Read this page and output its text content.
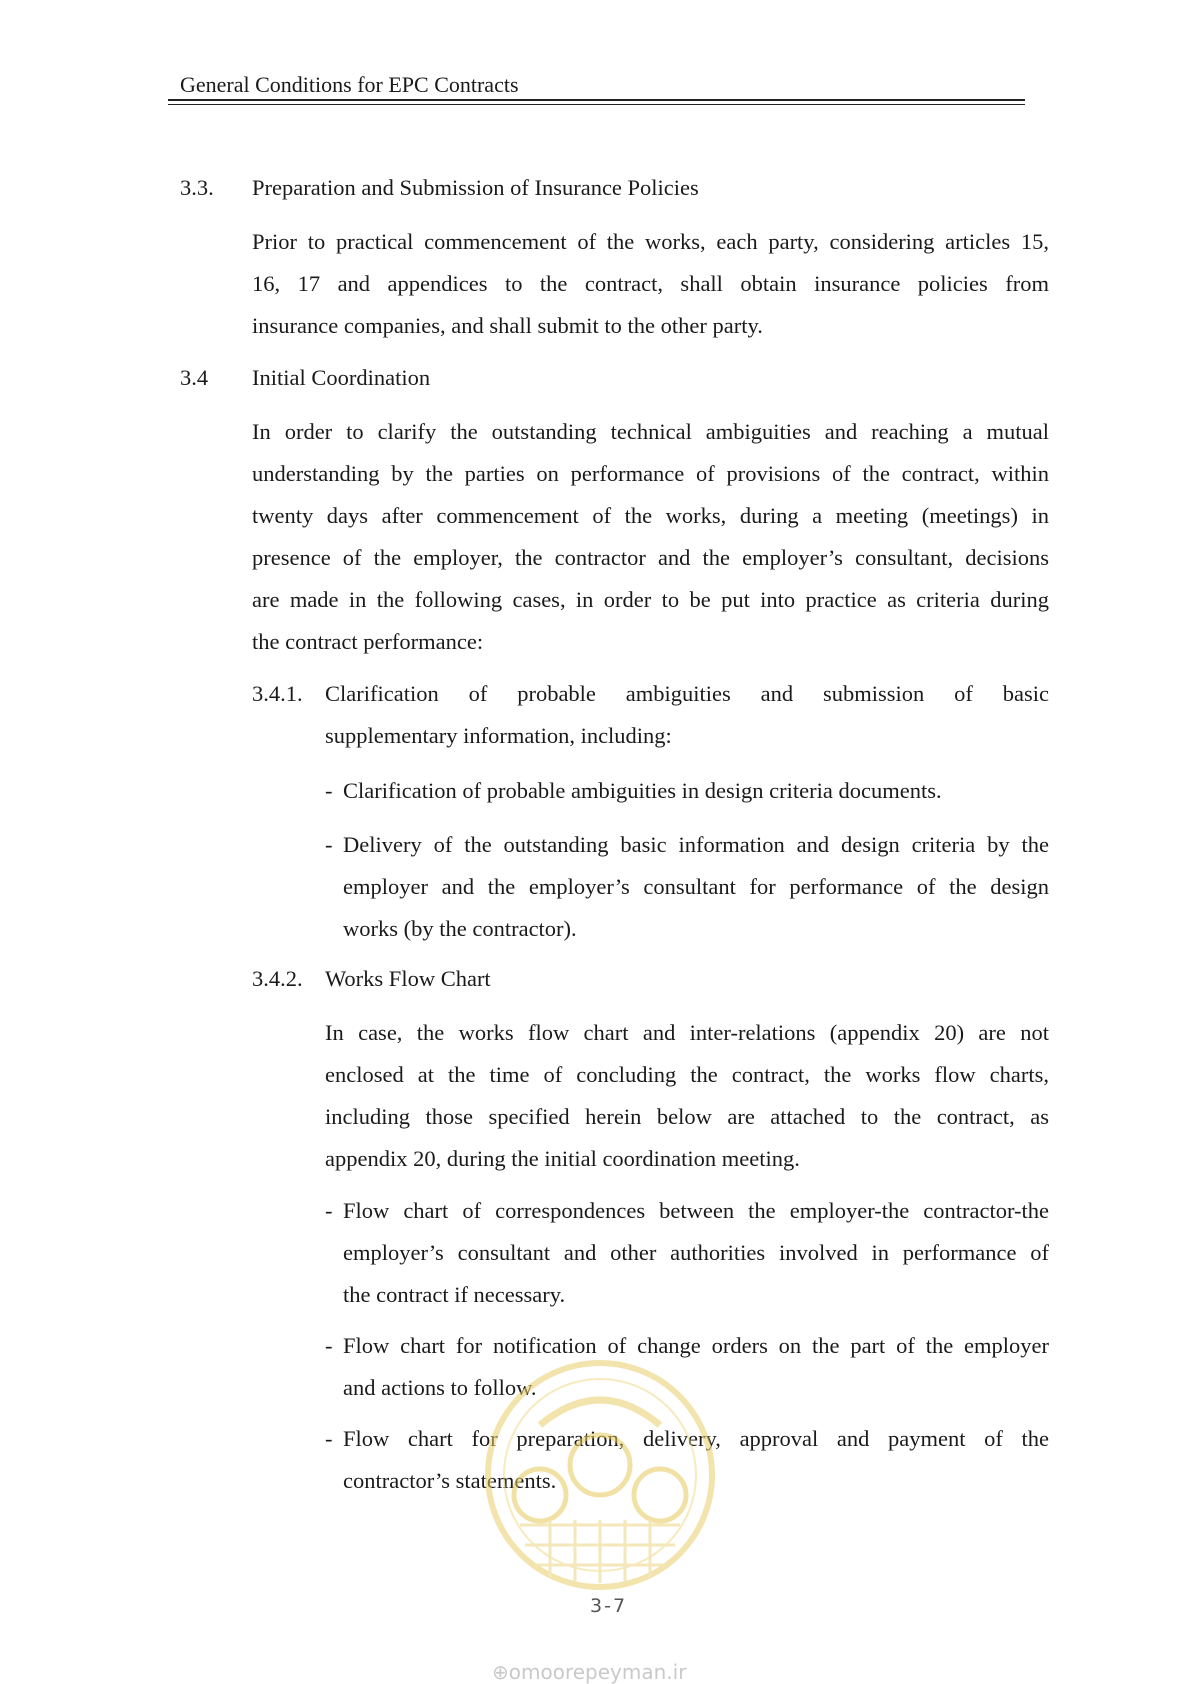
General Conditions for EPC Contracts
3.3. Preparation and Submission of Insurance Policies
Prior to practical commencement of the works, each party, considering articles 15,
16, 17 and appendices to the contract, shall obtain insurance policies from
insurance companies, and shall submit to the other party.
3.4 Initial Coordination
In order to clarify the outstanding technical ambiguities and reaching a mutual
understanding by the parties on performance of provisions of the contract, within
twenty days after commencement of the works, during a meeting (meetings) in
presence of the employer, the contractor and the employer’s consultant, decisions
are made in the following cases, in order to be put into practice as criteria during
the contract performance:
3.4.1. Clarification of probable ambiguities and submission of basic
supplementary information, including:
- Clarification of probable ambiguities in design criteria documents.
- Delivery of the outstanding basic information and design criteria by the
employer and the employer’s consultant for performance of the design
works (by the contractor).
3.4.2. Works Flow Chart
In case, the works flow chart and inter-relations (appendix 20) are not
enclosed at the time of concluding the contract, the works flow charts,
including those specified herein below are attached to the contract, as
appendix 20, during the initial coordination meeting.
- Flow chart of correspondences between the employer-the contractor-the
employer’s consultant and other authorities involved in performance of
the contract if necessary.
- Flow chart for notification of change orders on the part of the employer
and actions to follow.
- Flow chart for preparation, delivery, approval and payment of the
contractor’s statements.
3-7
⊕omoorepeyman.ir
